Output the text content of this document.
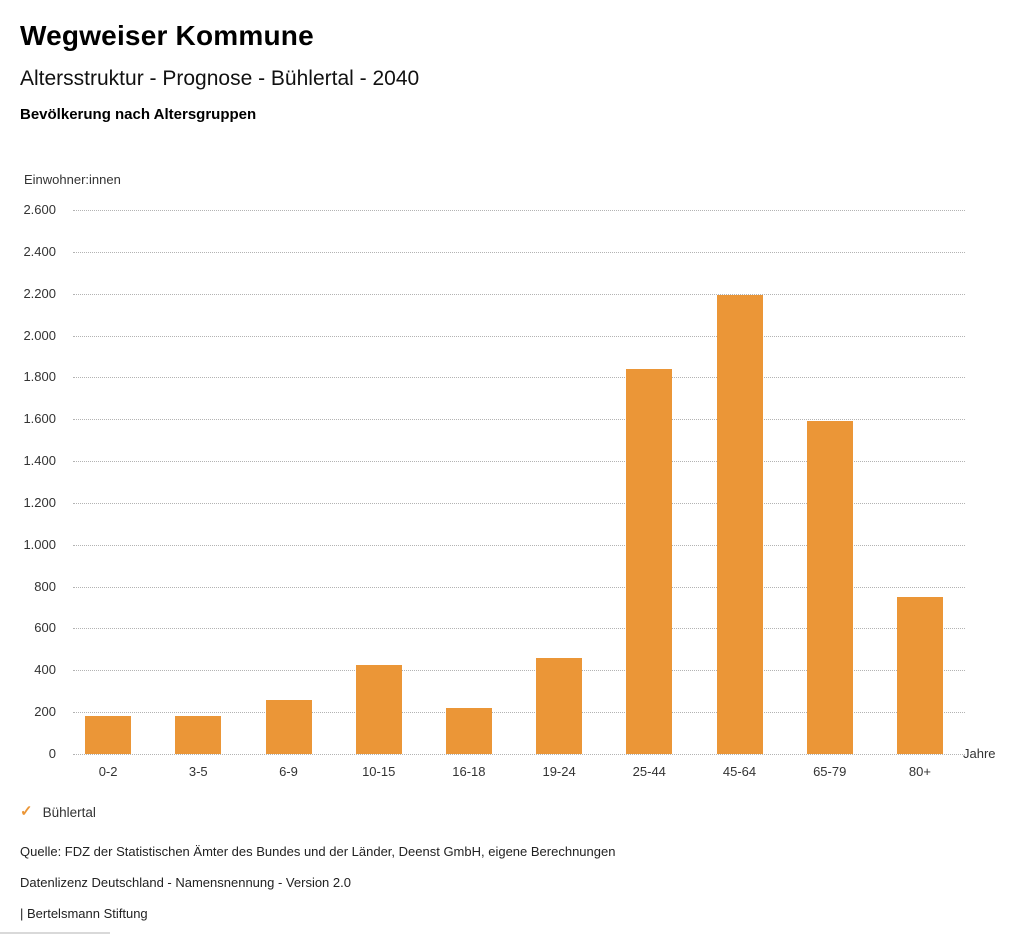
Wegweiser Kommune
Altersstruktur - Prognose - Bühlertal - 2040
Bevölkerung nach Altersgruppen
Einwohner:innen
0
200
400
600
800
1.000
1.200
1.400
1.600
1.800
2.000
2.200
2.400
2.600
0-2	3-5	6-9	10-15	16-18	19-24	25-44	45-64	65-79	80+
Jahre
✓ Bühlertal
Quelle: FDZ der Statistischen Ämter des Bundes und der Länder, Deenst GmbH, eigene Berechnungen
Datenlizenz Deutschland - Namensnennung - Version 2.0
| Bertelsmann Stiftung
